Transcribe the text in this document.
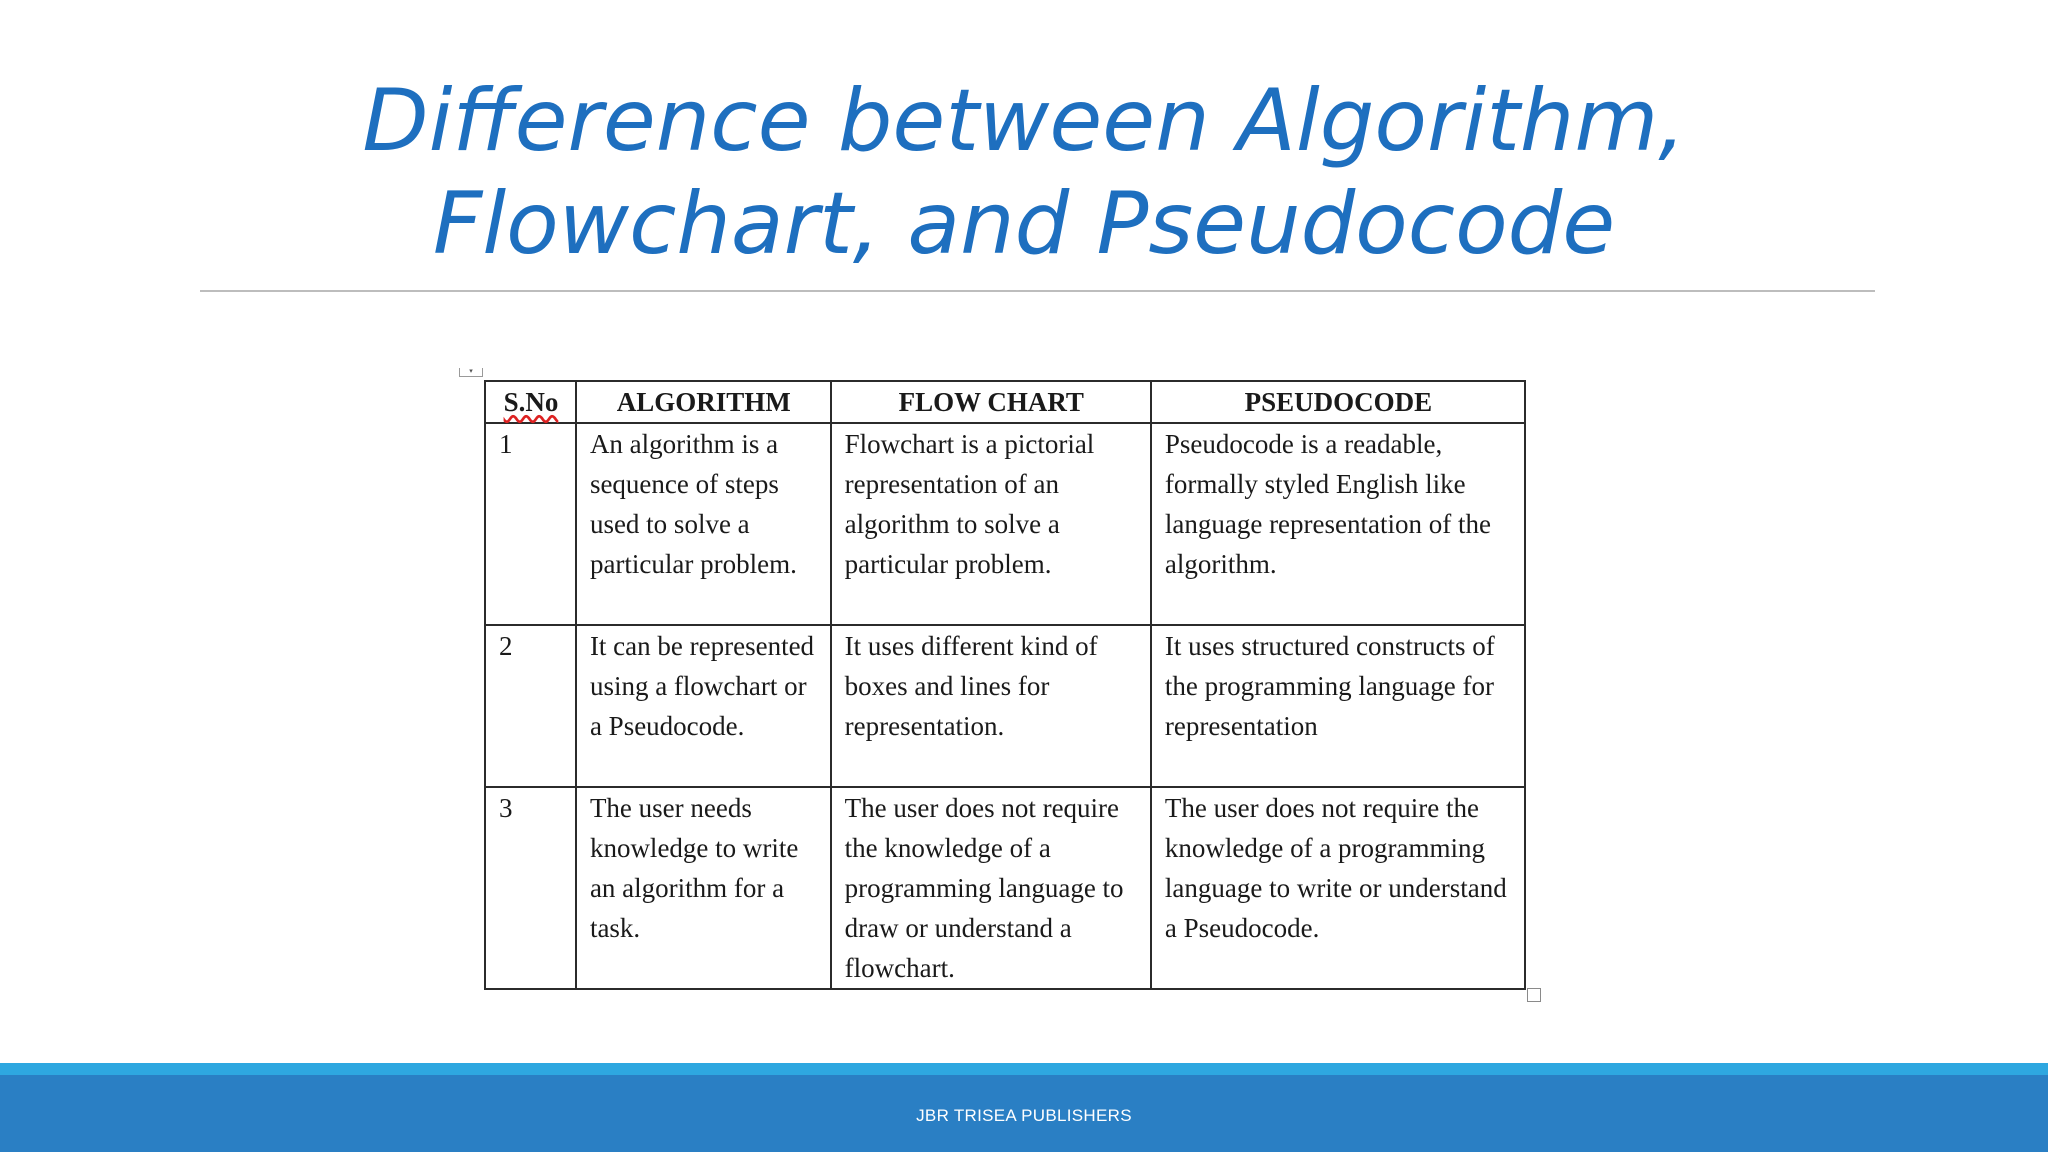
Difference between Algorithm,
Flowchart, and Pseudocode
▾
S.No	ALGORITHM	FLOW CHART	PSEUDOCODE
1	An algorithm is a sequence of steps used to solve a particular problem.	Flowchart is a pictorial representation of an algorithm to solve a particular problem.	Pseudocode is a readable, formally styled English like language representation of the algorithm.
2	It can be represented using a flowchart or a Pseudocode.	It uses different kind of boxes and lines for representation.	It uses structured constructs of the programming language for representation
3	The user needs knowledge to write an algorithm for a task.	The user does not require the knowledge of a programming language to draw or understand a flowchart.	The user does not require the knowledge of a programming language to write or understand a Pseudocode.
JBR TRISEA PUBLISHERS
